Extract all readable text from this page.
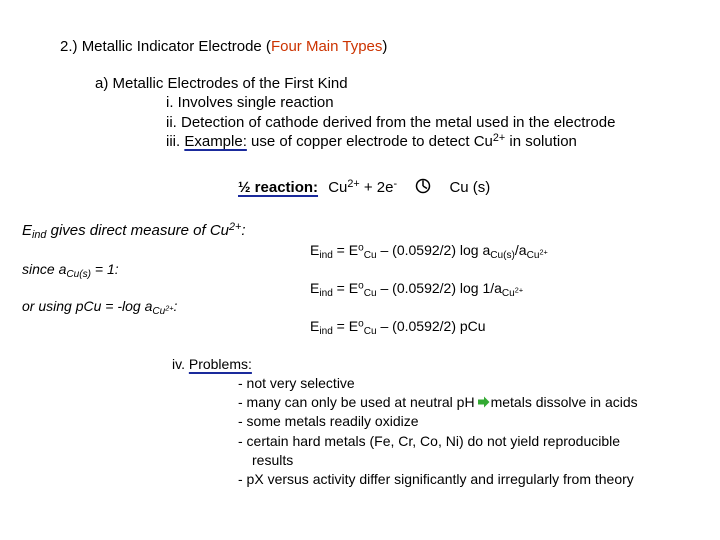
2.) Metallic Indicator Electrode (Four Main Types)
a) Metallic Electrodes of the First Kind
i. Involves single reaction
ii. Detection of cathode derived from the metal used in the electrode
iii. Example: use of copper electrode to detect $Cu^{2+}$ in solution
½ reaction: $Cu^{2+} + 2e^-$	Cu (s)
$E_{ind}$ gives direct measure of $Cu^{2+}$:
since $a_{Cu(s)} = 1$:
or using pCu = -log $a_{Cu^{2+}}$:
$E_{ind} = E^o_{Cu} - (0.0592/2)$ $\log a_{Cu(s)}/a_{Cu^{2+}}$
$E_{ind} = E^o_{Cu} - (0.0592/2)$ $\log 1/a_{Cu^{2+}}$
$E_{ind} = E^o_{Cu} - (0.0592/2)$ pCu
iv. Problems:
- not very selective
- many can only be used at neutral pH metals dissolve in acids
- some metals readily oxidize
- certain hard metals (Fe, Cr, Co, Ni) do not yield reproducible
results
- pX versus activity differ significantly and irregularly from theory
